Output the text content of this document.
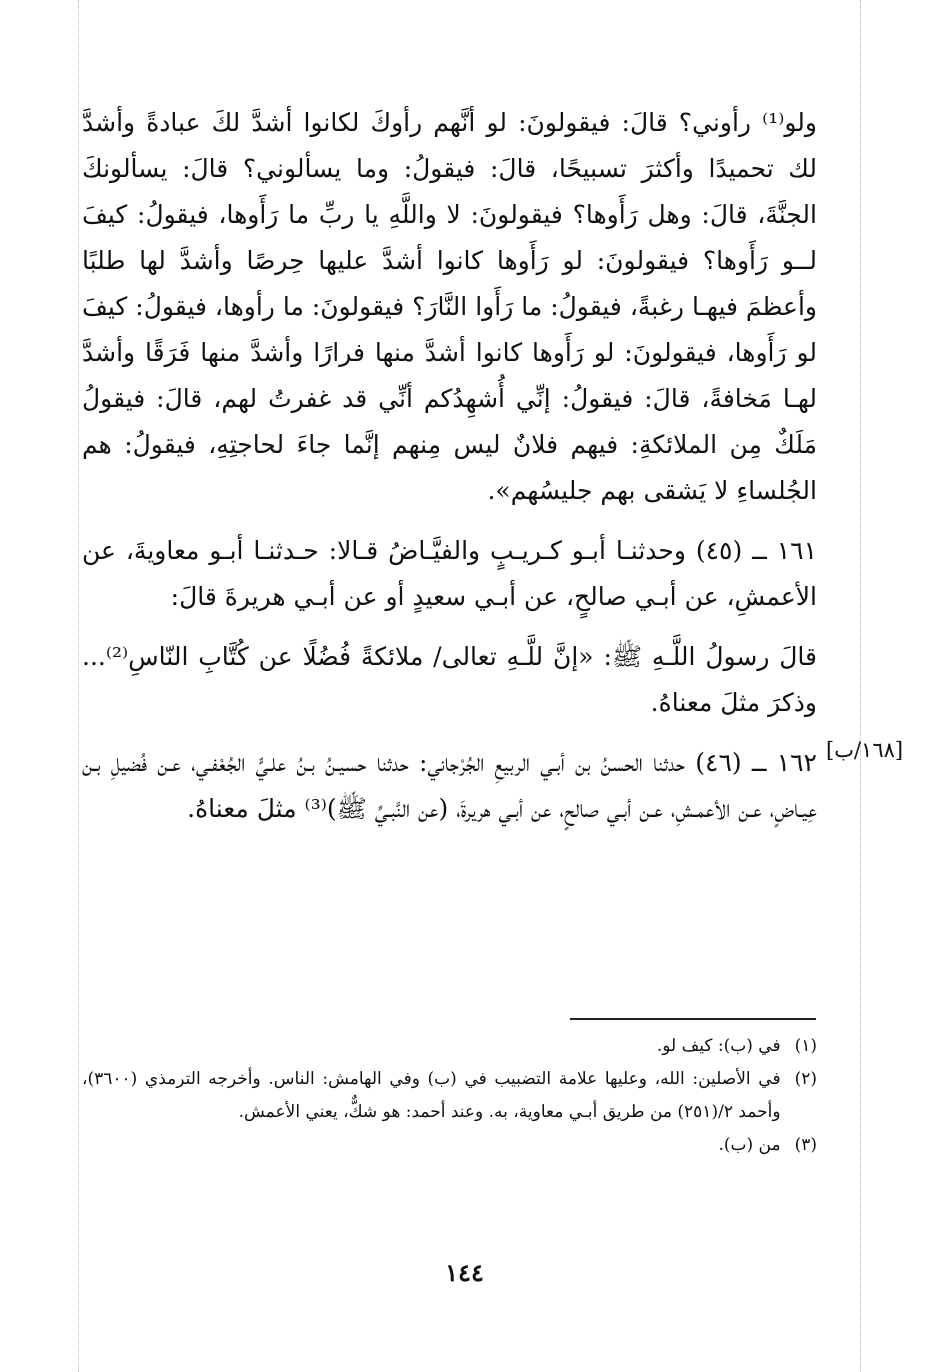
ولو⁽¹⁾ رأوني؟ قالَ: فيقولونَ: لو أنَّهم رأوكَ لكانوا أشدَّ لكَ عبادةً وأشدَّ لك تحميدًا وأكثرَ تسبيحًا، قالَ: فيقولُ: وما يسألوني؟ قالَ: يسألونكَ الجنَّةَ، قالَ: وهل رَأَوها؟ فيقولونَ: لا واللَّهِ يا ربِّ ما رَأَوها، فيقولُ: كيفَ لــو رَأَوها؟ فيقولونَ: لو رَأَوها كانوا أشدَّ عليها حِرصًا وأشدَّ لها طلبًا وأعظمَ فيهـا رغبةً، فيقولُ: ما رَأَوا النَّارَ؟ فيقولونَ: ما رأوها، فيقولُ: كيفَ لو رَأَوها، فيقولونَ: لو رَأَوها كانوا أشدَّ منها فرارًا وأشدَّ منها فَرَقًا وأشدَّ لهـا مَخافةً، قالَ: فيقولُ: إنِّي أُشهِدُكم أنِّي قد غفرتُ لهم، قالَ: فيقولُ مَلَكٌ مِن الملائكةِ: فيهم فلانٌ ليس مِنهم إنَّما جاءَ لحاجتِهِ، فيقولُ: هم الجُلساءِ لا يَشقى بهم جليسُهم».

١٦١ ــ (٤٥) وحدثنـا أبـو كـريـبٍ والفيَّـاضُ قـالا: حـدثنـا أبـو معاويةَ، عن الأعمشِ، عن أبـي صالحٍ، عن أبـي سعيدٍ أو عن أبـي هريرةَ قالَ:

قالَ رسولُ اللَّـهِ ﷺ: «إنَّ للَّـهِ تعالى/ ملائكةً فُضُلًا عن كُتَّابِ النّاسِ⁽²⁾... وذكرَ مثلَ معناهُ.

١٦٢ ــ (٤٦) حدثنا الحسنُ بن أبـي الربيعِ الجُرْجاني: حدثنا حسيـنُ بـنُ علـيٍّ الجُعْفـي، عـن فُضيلِ بـن عِيـاضٍ، عـن الأعمـشِ، عـن أبـي صالحٍ، عن أبـي هريرةَ، (عن النَّبـيِّ ﷺ)⁽³⁾ مثلَ معناهُ.

[١٦٨/ب]
(١)
في (ب): كيف لو.
(٢)
في الأصلين: الله، وعليها علامة التضبيب في (ب) وفي الهامش: الناس. وأخرجه الترمذي (٣٦٠٠)، وأحمد ٢/(٢٥١) من طريق أبـي معاوية، به. وعند أحمد: هو شكٌّ، يعني الأعمش.
(٣)
من (ب).
١٤٤
